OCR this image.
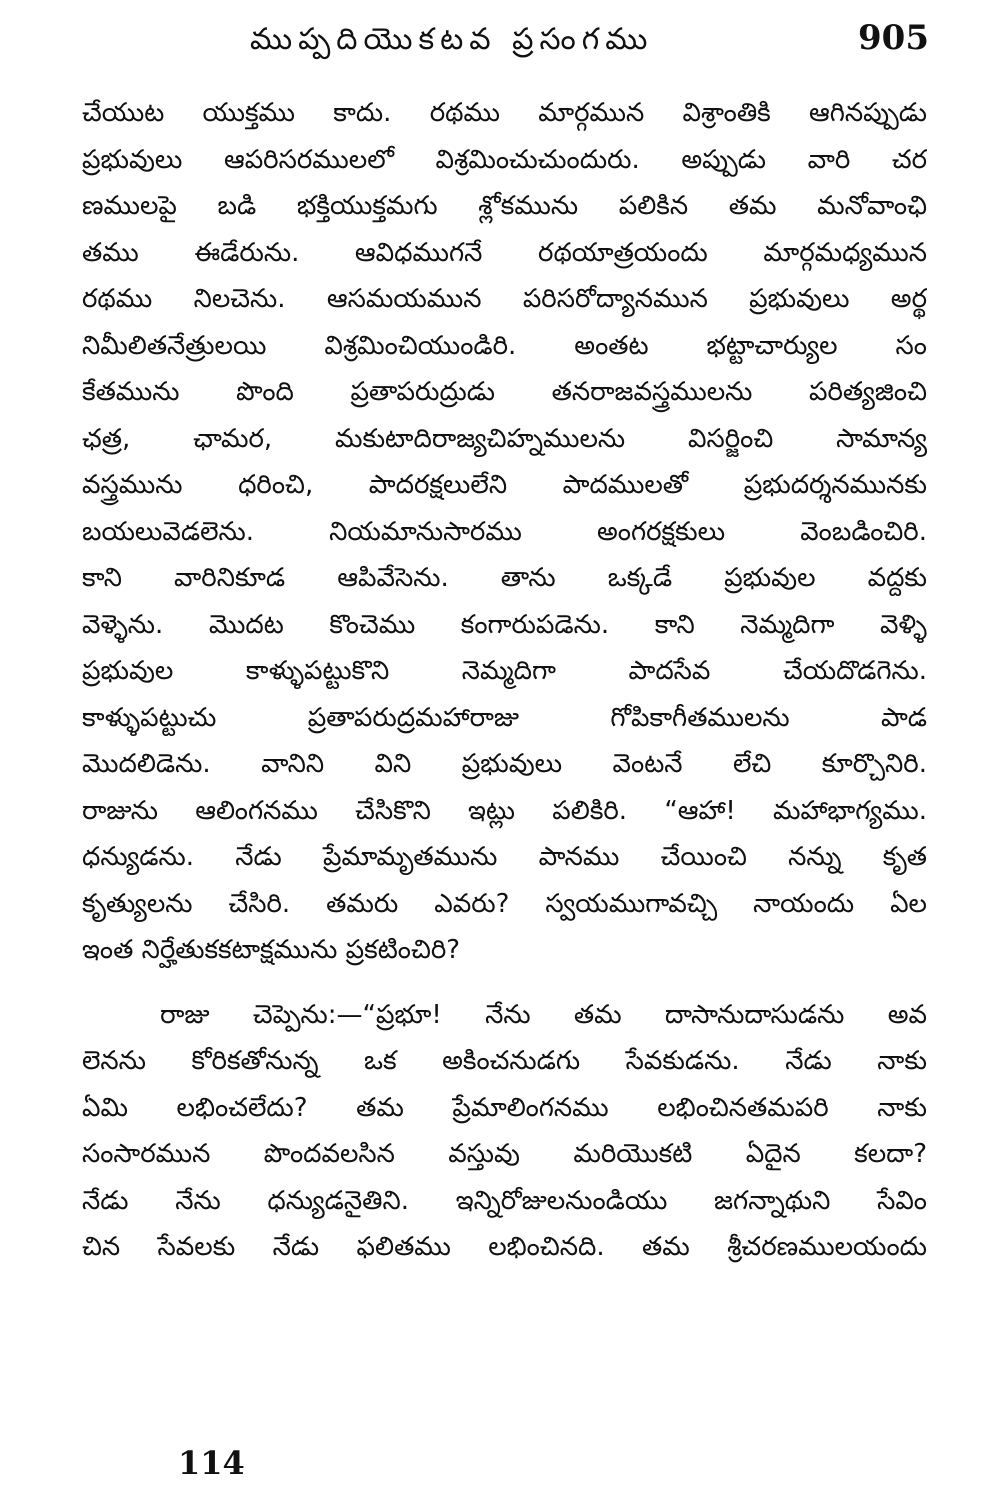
ముప్పదియొకటవ ప్రసంగము	905
చేయుట యుక్తము కాదు. రథము మార్గమున విశ్రాంతికి ఆగినప్పుడు
ప్రభువులు ఆపరిసరములలో విశ్రమించుచుందురు. అప్పుడు వారి చర
ణములపై బడి భక్తియుక్తమగు శ్లోకమును పలికిన తమ మనోవాంఛి
తము ఈడేరును. ఆవిధముగనే రథయాత్రయందు మార్గమధ్యమున
రథము నిలచెను. ఆసమయమున పరిసరోద్యానమున ప్రభువులు అర్థ
నిమీలితనేత్రులయి విశ్రమించియుండిరి. అంతట భట్టాచార్యుల సం
కేతమును పొంది ప్రతాపరుద్రుడు తనరాజవస్త్రములను పరిత్యజించి
ఛత్ర, ఛామర, మకుటాదిరాజ్యచిహ్నములను విసర్జించి సామాన్య
వస్త్రమును ధరించి, పాదరక్షలులేని పాదములతో ప్రభుదర్శనమునకు
బయలువెడలెను. నియమానుసారము అంగరక్షకులు వెంబడించిరి.
కాని వారినికూడ ఆపివేసెను. తాను ఒక్కడే ప్రభువుల వద్దకు
వెళ్ళెను. మొదట కొంచెము కంగారుపడెను. కాని నెమ్మదిగా వెళ్ళి
ప్రభువుల కాళ్ళుపట్టుకొని నెమ్మదిగా పాదసేవ చేయదొడగెను.
కాళ్ళుపట్టుచు ప్రతాపరుద్రమహారాజు గోపికాగీతములను పాడ
మొదలిడెను. వానిని విని ప్రభువులు వెంటనే లేచి కూర్చొనిరి.
రాజును ఆలింగనము చేసికొని ఇట్లు పలికిరి. “ఆహా! మహాభాగ్యము.
ధన్యుడను. నేడు ప్రేమామృతమును పానము చేయించి నన్ను కృత
కృత్యులను చేసిరి. తమరు ఎవరు? స్వయముగావచ్చి నాయందు ఏల
ఇంత నిర్హేతుకకటాక్షమును ప్రకటించిరి?
రాజు చెప్పెను:—“ప్రభూ! నేను తమ దాసానుదాసుడను అవ
లెనను కోరికతోనున్న ఒక అకించనుడగు సేవకుడను. నేడు నాకు
ఏమి లభించలేదు? తమ ప్రేమాలింగనము లభించినతమపరి నాకు
సంసారమున పొందవలసిన వస్తువు మరియొకటి ఏదైన కలదా?
నేడు నేను ధన్యుడనైతిని. ఇన్నిరోజులనుండియు జగన్నాథుని సేవిం
చిన సేవలకు నేడు ఫలితము లభించినది. తమ శ్రీచరణములయందు
114
